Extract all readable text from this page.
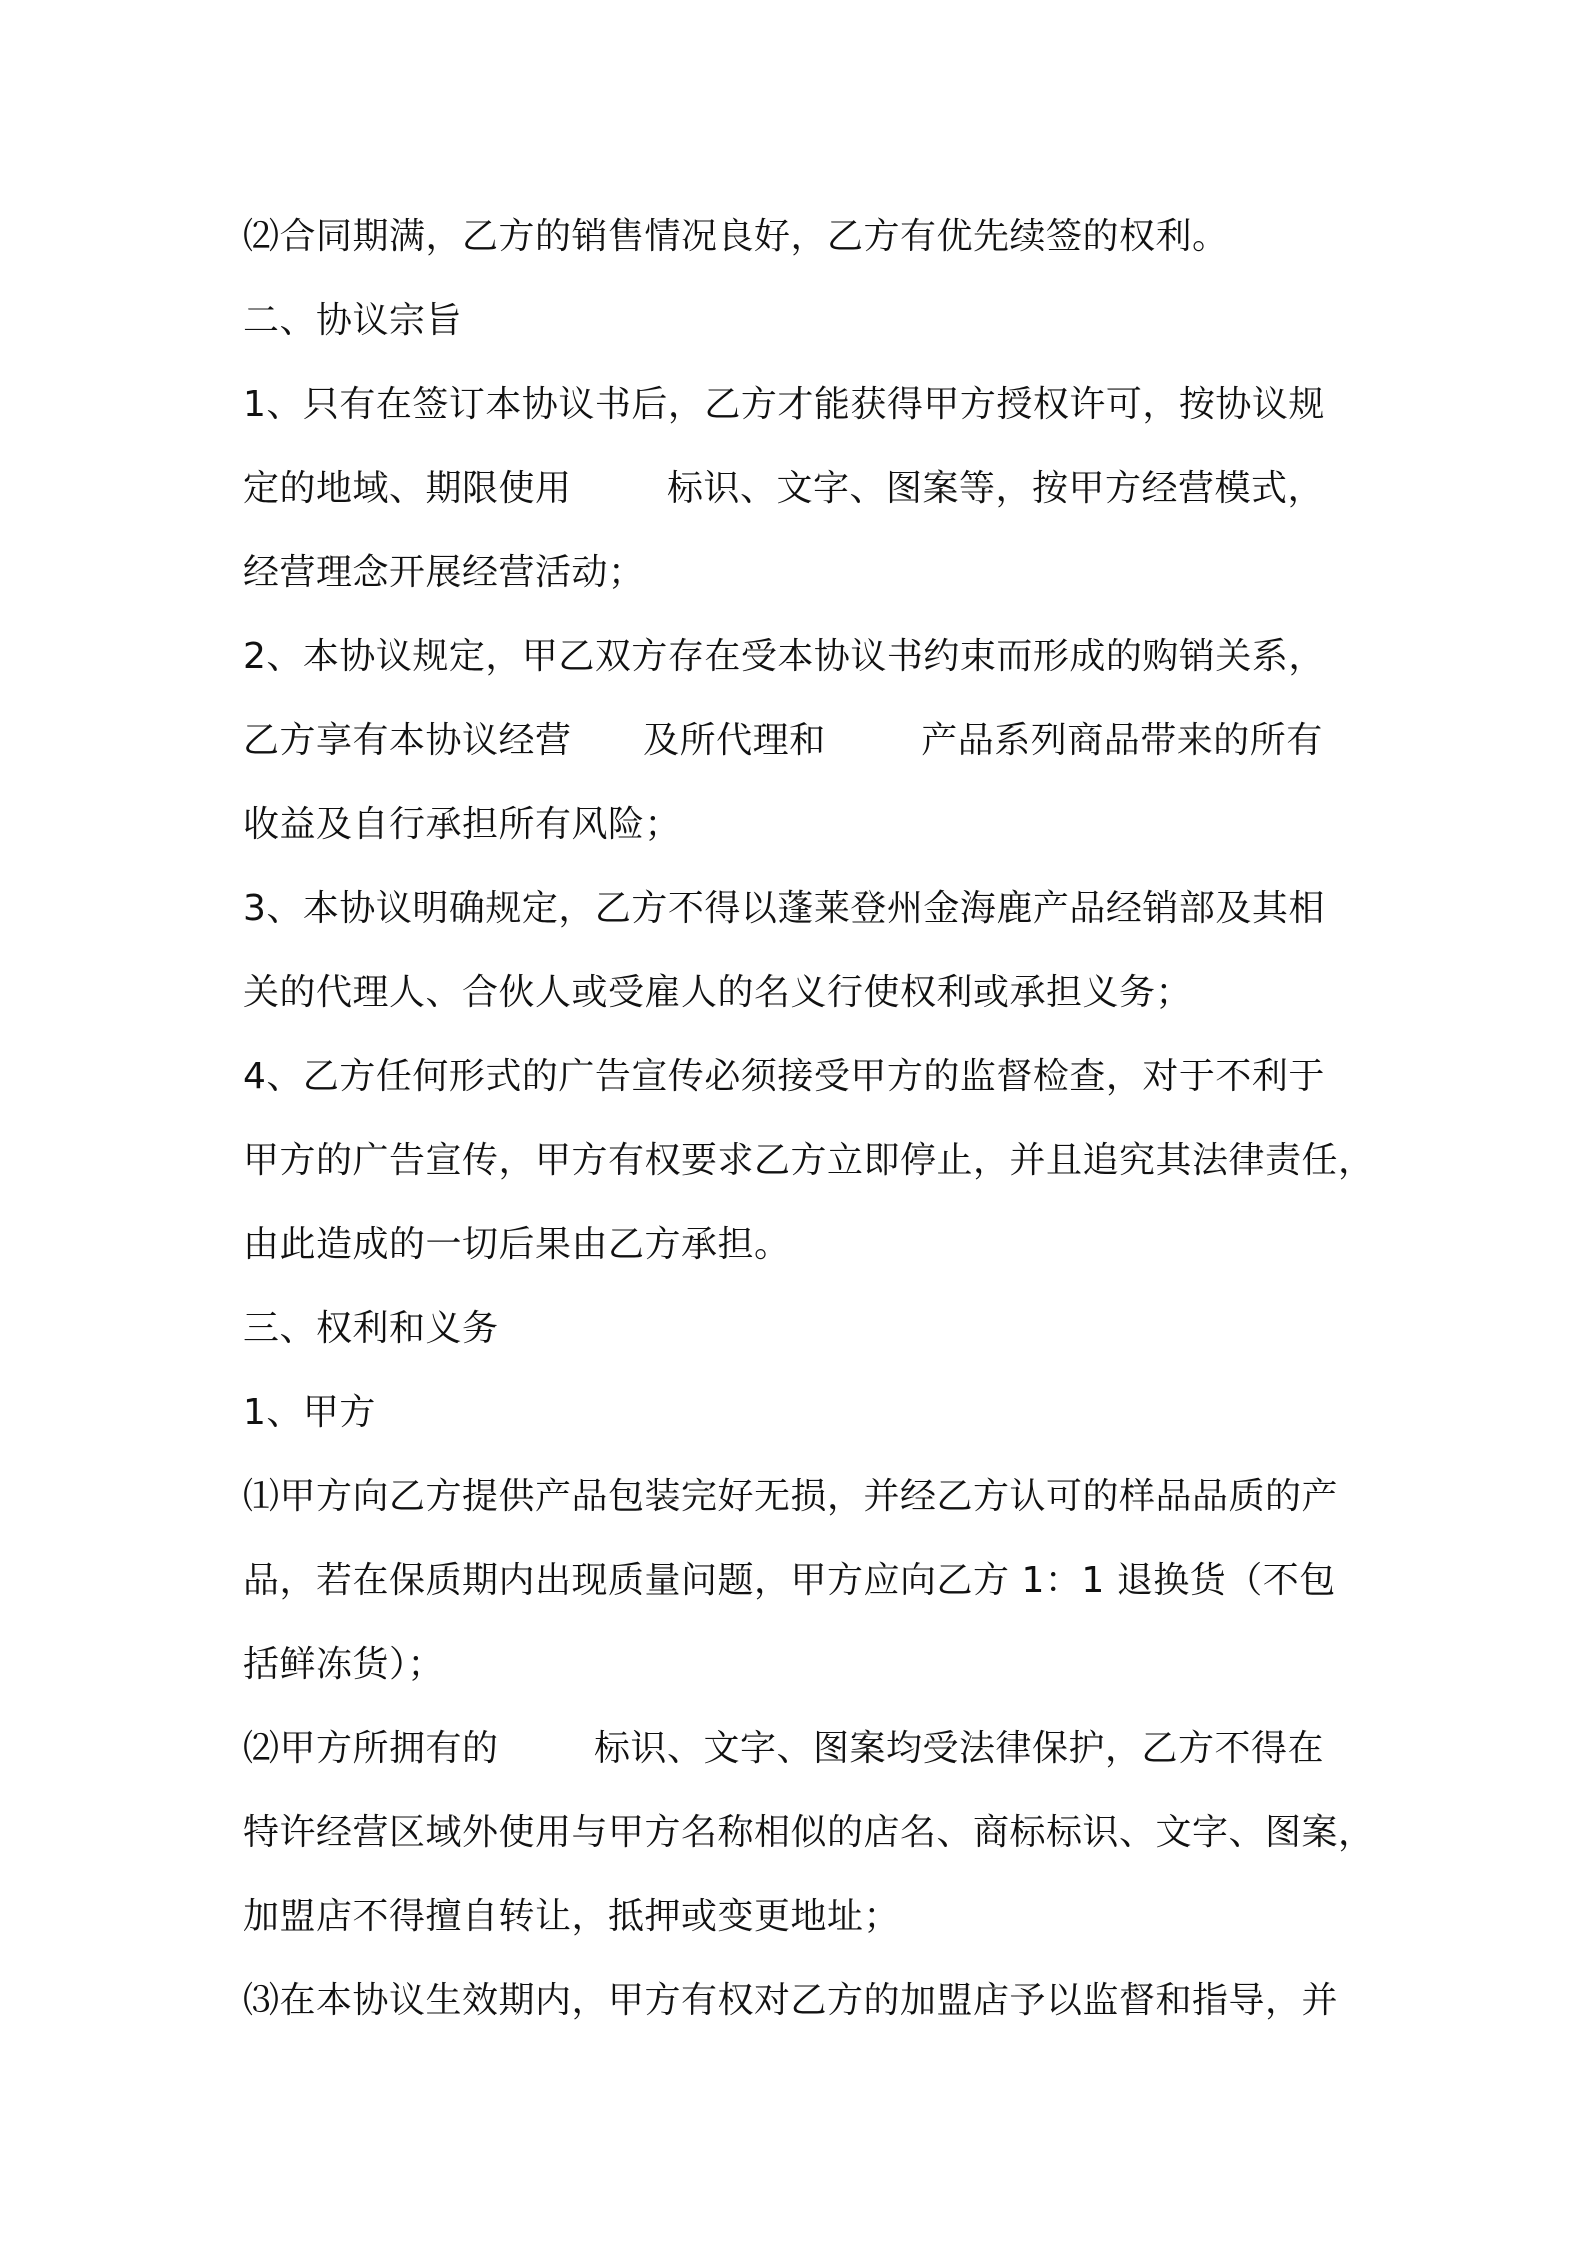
⑵合同期满，乙方的销售情况良好，乙方有优先续签的权利。
二、协议宗旨
1、只有在签订本协议书后，乙方才能获得甲方授权许可，按协议规
定的地域、期限使用        标识、文字、图案等，按甲方经营模式，
经营理念开展经营活动；
2、本协议规定，甲乙双方存在受本协议书约束而形成的购销关系，
乙方享有本协议经营      及所代理和        产品系列商品带来的所有
收益及自行承担所有风险；
3、本协议明确规定，乙方不得以蓬莱登州金海鹿产品经销部及其相
关的代理人、合伙人或受雇人的名义行使权利或承担义务；
4、乙方任何形式的广告宣传必须接受甲方的监督检查，对于不利于
甲方的广告宣传，甲方有权要求乙方立即停止，并且追究其法律责任，
由此造成的一切后果由乙方承担。
三、权利和义务
1、甲方
⑴甲方向乙方提供产品包装完好无损，并经乙方认可的样品品质的产
品，若在保质期内出现质量问题，甲方应向乙方 1：1 退换货（不包
括鲜冻货）；
⑵甲方所拥有的        标识、文字、图案均受法律保护，乙方不得在
特许经营区域外使用与甲方名称相似的店名、商标标识、文字、图案，
加盟店不得擅自转让，抵押或变更地址；
⑶在本协议生效期内，甲方有权对乙方的加盟店予以监督和指导，并
